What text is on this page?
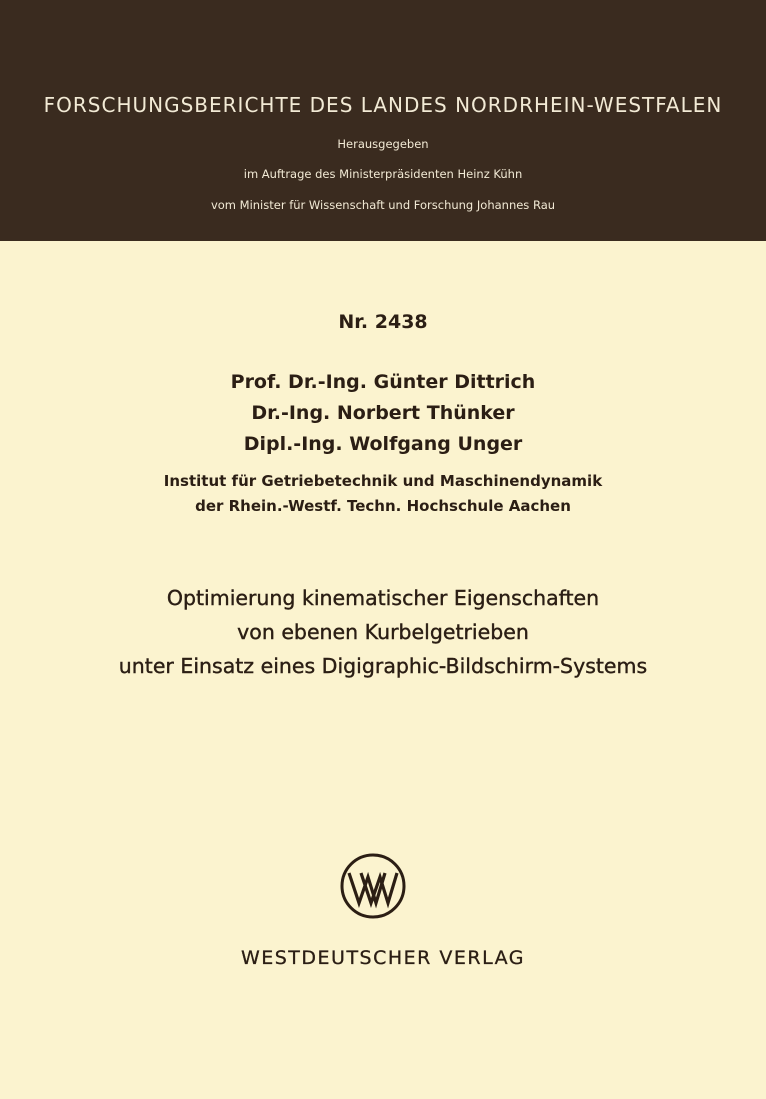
FORSCHUNGSBERICHTE DES LANDES NORDRHEIN-WESTFALEN
Herausgegeben
im Auftrage des Ministerpräsidenten Heinz Kühn
vom Minister für Wissenschaft und Forschung Johannes Rau
Nr. 2438
Prof. Dr.-Ing. Günter Dittrich
Dr.-Ing. Norbert Thünker
Dipl.-Ing. Wolfgang Unger
Institut für Getriebetechnik und Maschinendynamik
der Rhein.-Westf. Techn. Hochschule Aachen
Optimierung kinematischer Eigenschaften
von ebenen Kurbelgetrieben
unter Einsatz eines Digigraphic-Bildschirm-Systems
WESTDEUTSCHER VERLAG
